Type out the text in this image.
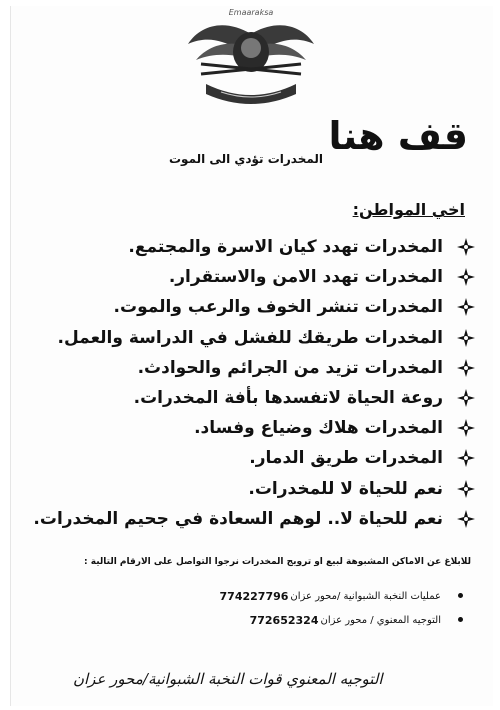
Emaaraksa
قف هنا
المخدرات تؤدي الى الموت
اخي المواطن:
المخدرات تهدد كيان الاسرة والمجتمع.
المخدرات تهدد الامن والاستقرار.
المخدرات تنشر الخوف والرعب والموت.
المخدرات طريقك للفشل في الدراسة والعمل.
المخدرات تزيد من الجرائم والحوادث.
روعة الحياة لاتفسدها بأفة المخدرات.
المخدرات هلاك وضياع وفساد.
المخدرات طريق الدمار.
نعم للحياة لا للمخدرات.
نعم للحياة لا.. لوهم السعادة في جحيم المخدرات.
للابلاغ عن الاماكن المشبوهة لبيع او ترويج المخدرات نرجوا التواصل على الارقام التالية :
عمليات النخبة الشبوانية /محور عزان
774227796
التوجيه المعنوي / محور عزان
772652324
التوجيه المعنوي قوات النخبة الشبوانية/محور عزان
